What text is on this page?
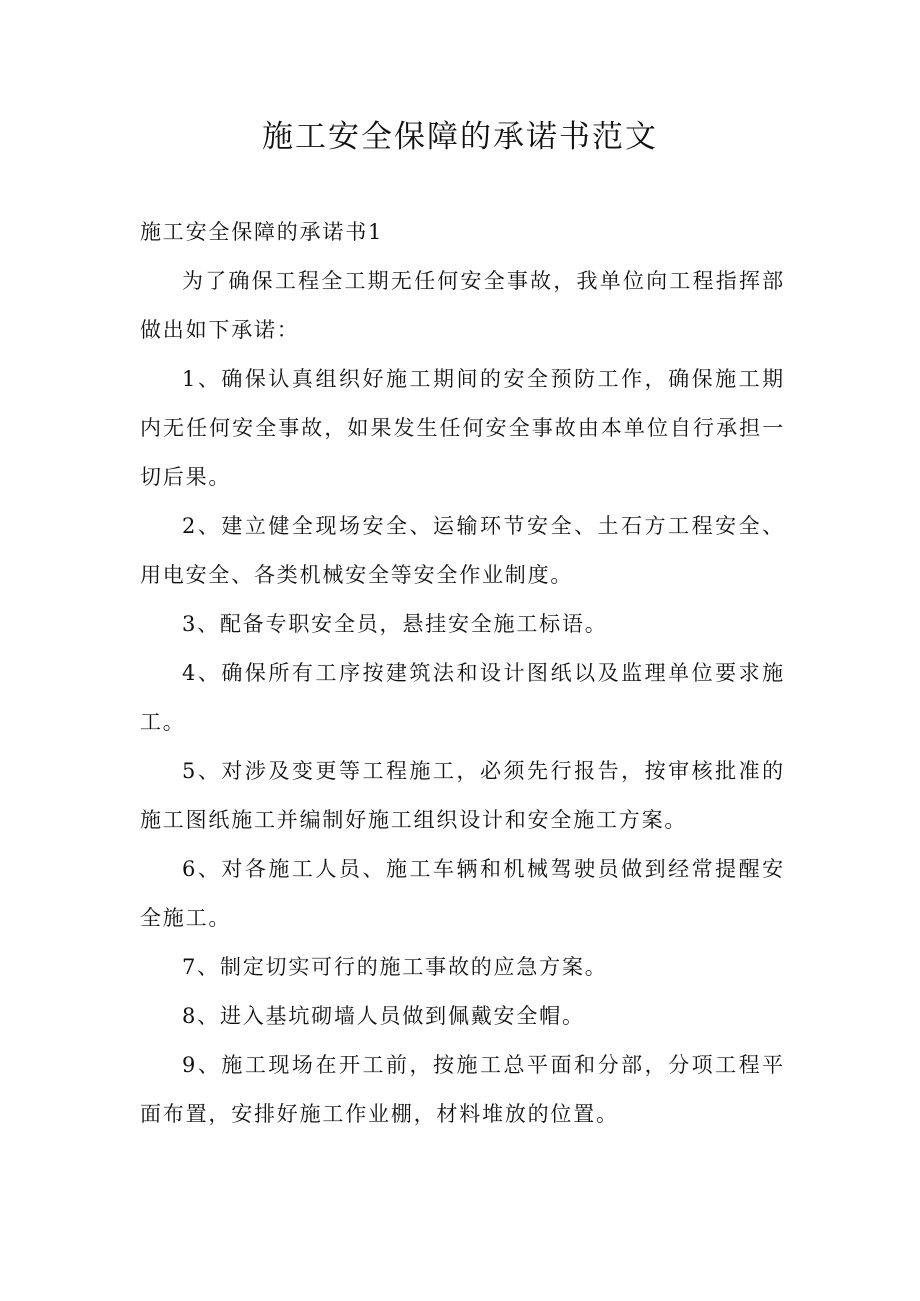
施工安全保障的承诺书范文

施工安全保障的承诺书1

为了确保工程全工期无任何安全事故，我单位向工程指挥部做出如下承诺：

1、确保认真组织好施工期间的安全预防工作，确保施工期内无任何安全事故，如果发生任何安全事故由本单位自行承担一切后果。

2、建立健全现场安全、运输环节安全、土石方工程安全、用电安全、各类机械安全等安全作业制度。

3、配备专职安全员，悬挂安全施工标语。

4、确保所有工序按建筑法和设计图纸以及监理单位要求施工。

5、对涉及变更等工程施工，必须先行报告，按审核批准的施工图纸施工并编制好施工组织设计和安全施工方案。

6、对各施工人员、施工车辆和机械驾驶员做到经常提醒安全施工。

7、制定切实可行的施工事故的应急方案。

8、进入基坑砌墙人员做到佩戴安全帽。

9、施工现场在开工前，按施工总平面和分部，分项工程平面布置，安排好施工作业棚，材料堆放的位置。
